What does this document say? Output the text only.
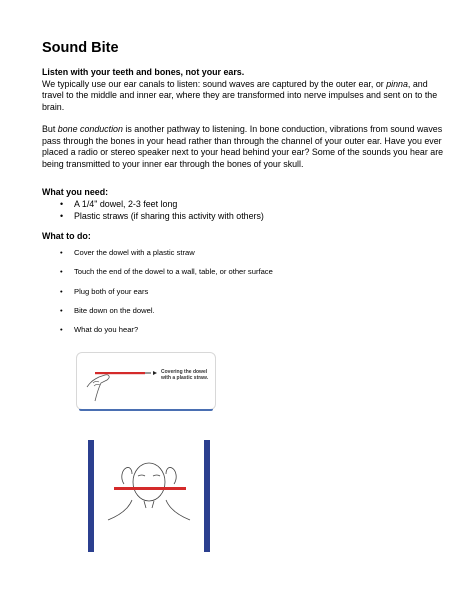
Sound Bite
Listen with your teeth and bones, not your ears.
We typically use our ear canals to listen: sound waves are captured by the outer ear, or pinna, and travel to the middle and inner ear, where they are transformed into nerve impulses and sent on to the brain.
But bone conduction is another pathway to listening. In bone conduction, vibrations from sound waves pass through the bones in your head rather than through the channel of your outer ear. Have you ever placed a radio or stereo speaker next to your head behind your ear? Some of the sounds you hear are being transmitted to your inner ear through the bones of your skull.
What you need:
• A 1/4" dowel, 2-3 feet long
• Plastic straws (if sharing this activity with others)
What to do:
• Cover the dowel with a plastic straw
• Touch the end of the dowel to a wall, table, or other surface
• Plug both of your ears
• Bite down on the dowel.
• What do you hear?
Covering the dowel
with a plastic straw.
